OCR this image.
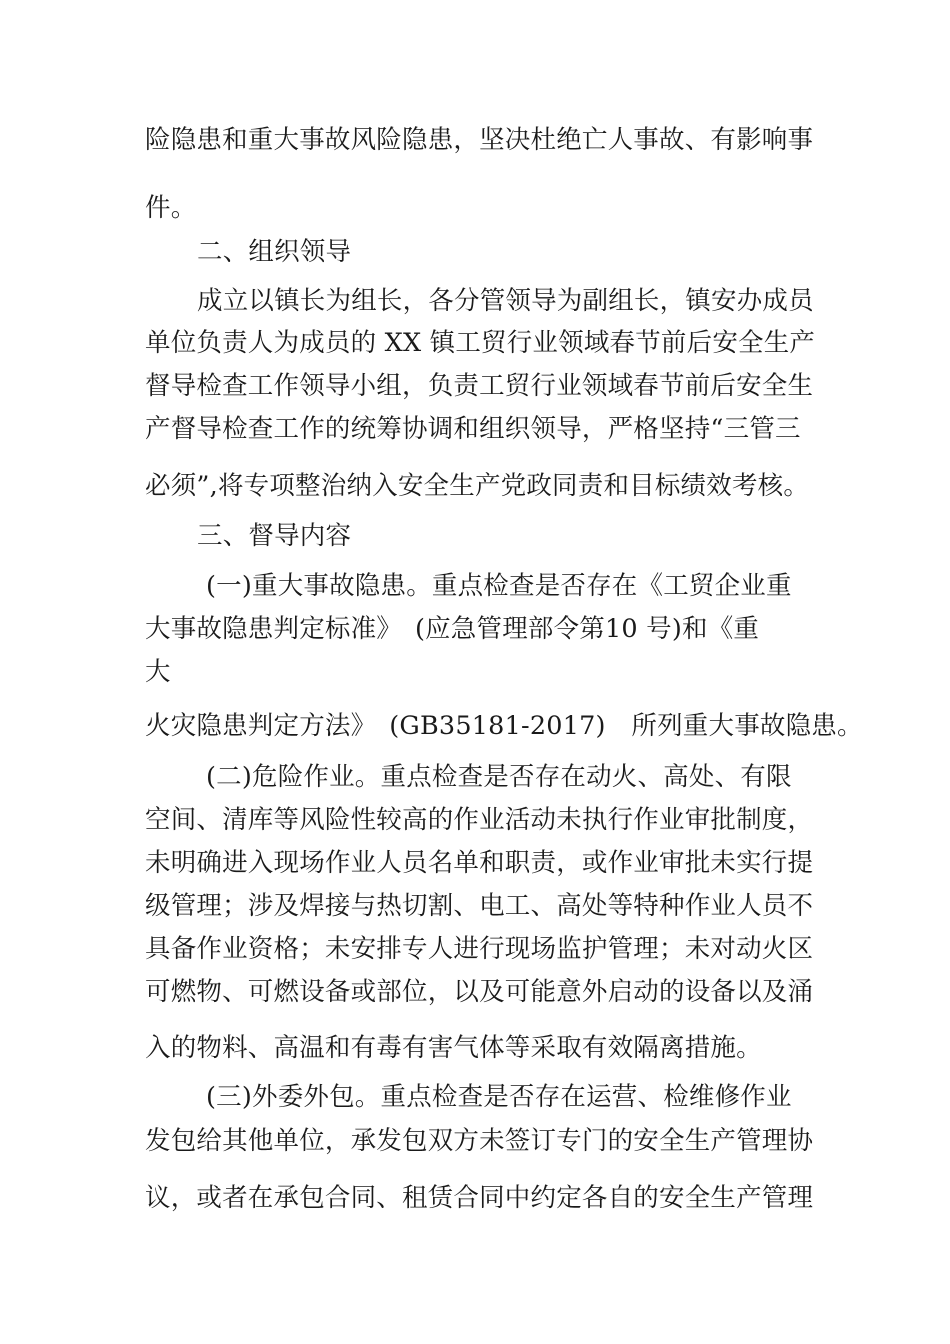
险隐患和重大事故风险隐患，坚决杜绝亡人事故、有影响事
件。
二、组织领导
成立以镇长为组长，各分管领导为副组长，镇安办成员
单位负责人为成员的 XX 镇工贸行业领域春节前后安全生产
督导检查工作领导小组，负责工贸行业领域春节前后安全生
产督导检查工作的统筹协调和组织领导，严格坚持“三管三
必须”,将专项整治纳入安全生产党政同责和目标绩效考核。
三、督导内容
(一)重大事故隐患。重点检查是否存在《工贸企业重
大事故隐患判定标准》　(应急管理部令第10 号)和《重
大
火灾隐患判定方法》　(GB35181-2017)　所列重大事故隐患。
(二)危险作业。重点检查是否存在动火、高处、有限
空间、清库等风险性较高的作业活动未执行作业审批制度，
未明确进入现场作业人员名单和职责，或作业审批未实行提
级管理；涉及焊接与热切割、电工、高处等特种作业人员不
具备作业资格；未安排专人进行现场监护管理；未对动火区
可燃物、可燃设备或部位，以及可能意外启动的设备以及涌
入的物料、高温和有毒有害气体等采取有效隔离措施。
(三)外委外包。重点检查是否存在运营、检维修作业
发包给其他单位，承发包双方未签订专门的安全生产管理协
议，或者在承包合同、租赁合同中约定各自的安全生产管理
